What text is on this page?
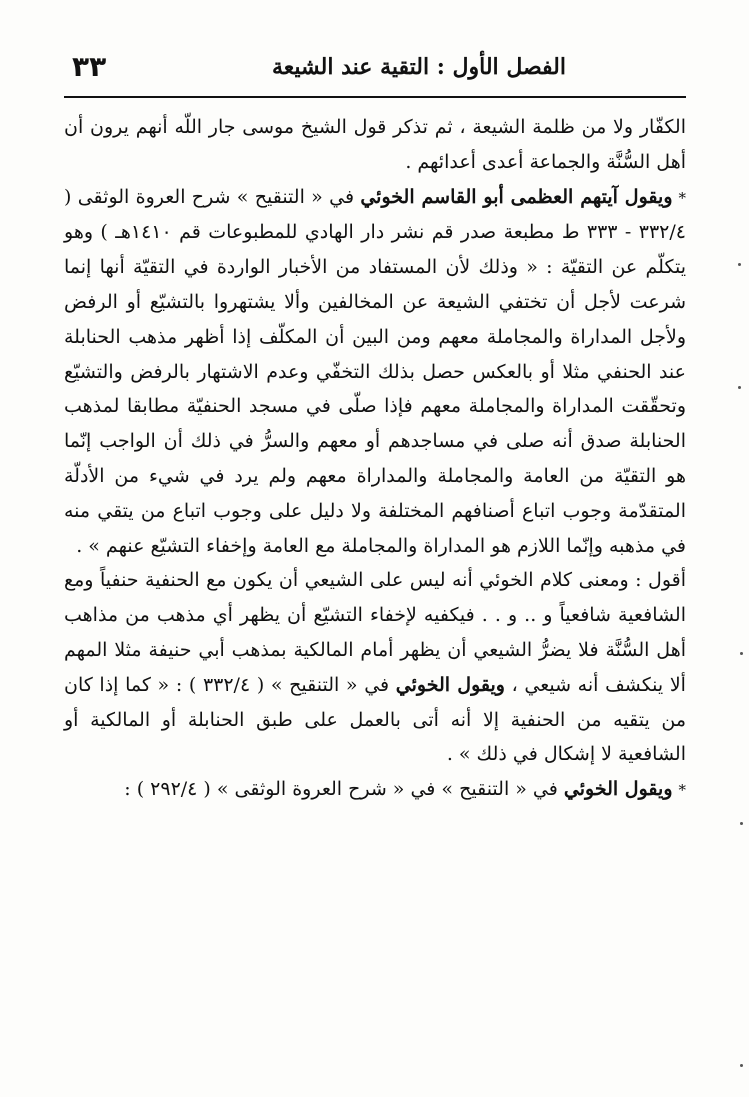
الفصل الأول : التقية عند الشيعة
٣٣

الكفّار ولا من ظلمة الشيعة ، ثم تذكر قول الشيخ موسى جار اللّه أنهم يرون أن أهل السُّنَّة والجماعة أعدى أعدائهم .

*ويقول آيتهم العظمى أبو القاسم الخوئي في « التنقيح » شرح العروة الوثقى ( ٣٣٢/٤ - ٣٣٣ ط مطبعة صدر قم نشر دار الهادي للمطبوعات قم ١٤١٠هـ ) وهو يتكلّم عن التقيّة : « وذلك لأن المستفاد من الأخبار الواردة في التقيّة أنها إنما شرعت لأجل أن تختفي الشيعة عن المخالفين وألا يشتهروا بالتشيّع أو الرفض ولأجل المداراة والمجاملة معهم ومن البين أن المكلّف إذا أظهر مذهب الحنابلة عند الحنفي مثلا أو بالعكس حصل بذلك التخفّي وعدم الاشتهار بالرفض والتشيّع وتحقّقت المداراة والمجاملة معهم فإذا صلّى في مسجد الحنفيّة مطابقا لمذهب الحنابلة صدق أنه صلى في مساجدهم أو معهم والسرُّ في ذلك أن الواجب إنّما هو التقيّة من العامة والمجاملة والمداراة معهم ولم يرد في شيء من الأدلّة المتقدّمة وجوب اتباع أصنافهم المختلفة ولا دليل على وجوب اتباع من يتقي منه في مذهبه وإنّما اللازم هو المداراة والمجاملة مع العامة وإخفاء التشيّع عنهم » .

أقول : ومعنى كلام الخوئي أنه ليس على الشيعي أن يكون مع الحنفية حنفياً ومع الشافعية شافعياً و .. و . . فيكفيه لإخفاء التشيّع أن يظهر أي مذهب من مذاهب أهل السُّنَّة فلا يضرُّ الشيعي أن يظهر أمام المالكية بمذهب أبي حنيفة مثلا المهم ألا ينكشف أنه شيعي ، ويقول الخوئي في « التنقيح » ( ٣٣٢/٤ ) : « كما إذا كان من يتقيه من الحنفية إلا أنه أتى بالعمل على طبق الحنابلة أو المالكية أو الشافعية لا إشكال في ذلك » .

*ويقول الخوئي في « التنقيح » في « شرح العروة الوثقى » ( ٢٩٢/٤ ) :
